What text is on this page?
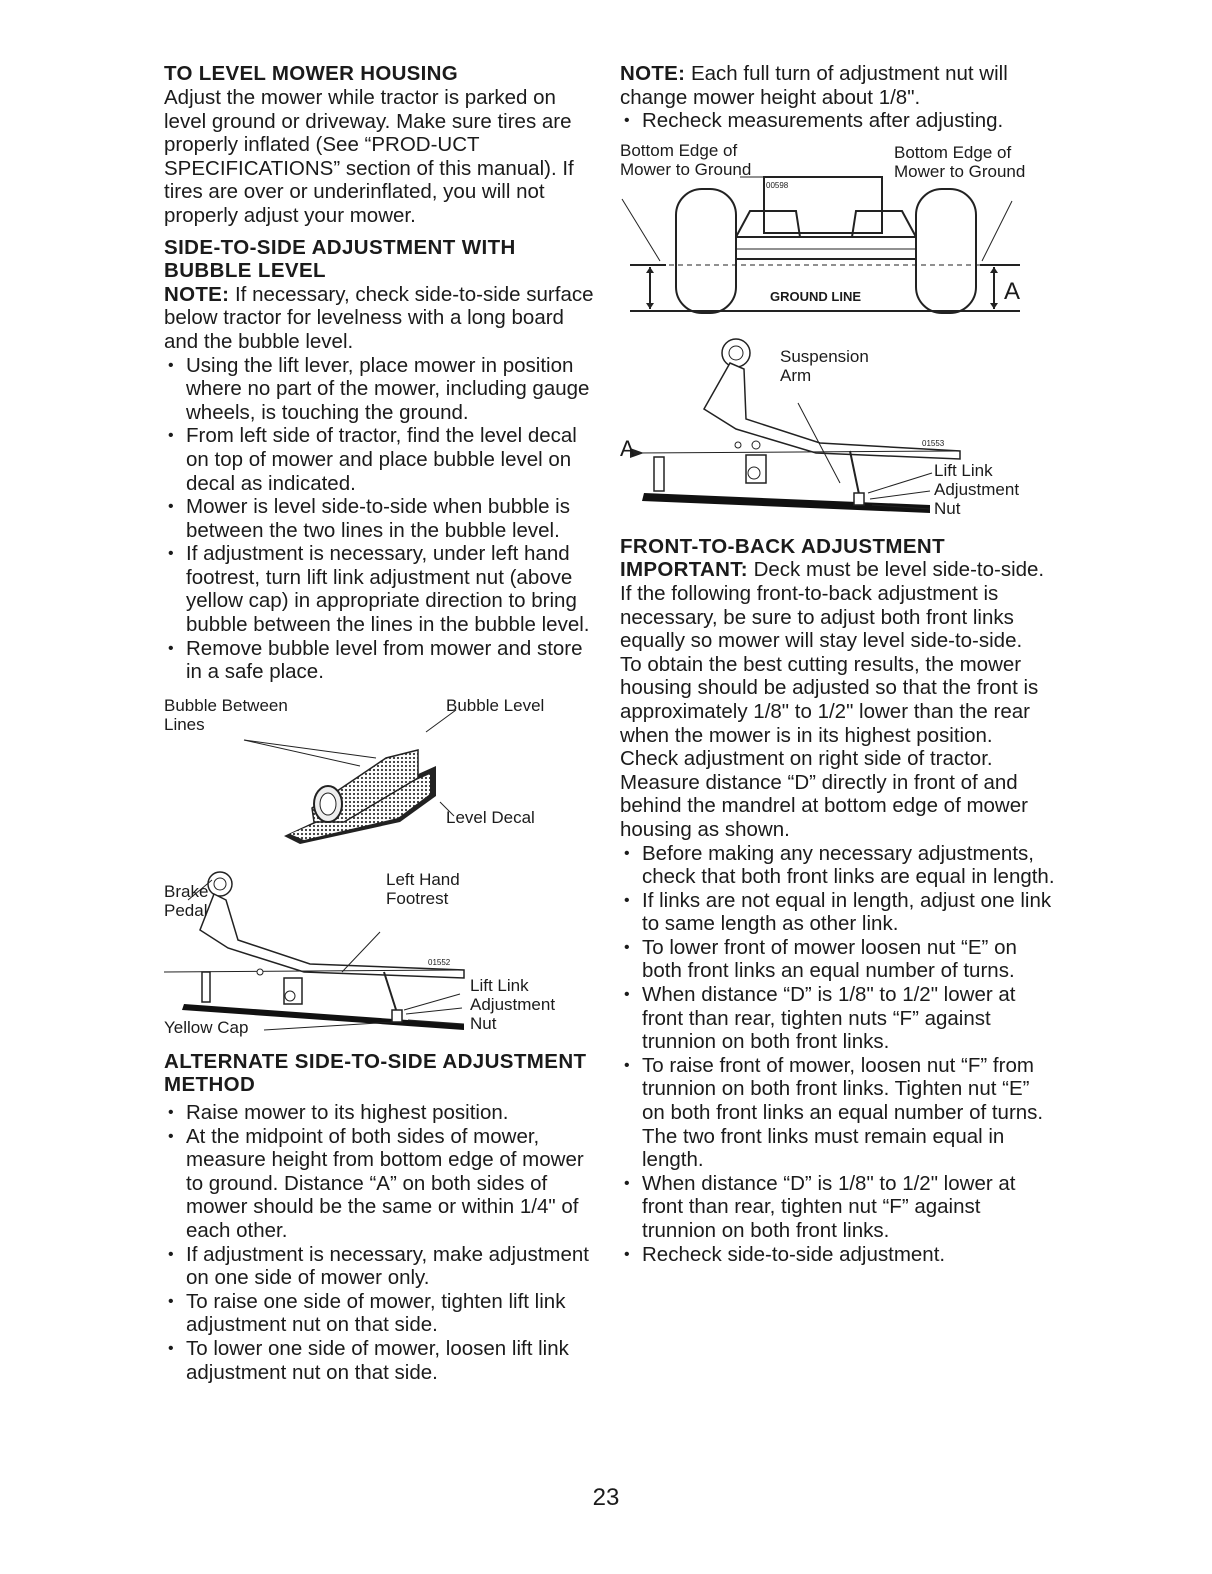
TO LEVEL MOWER HOUSING

Adjust the mower while tractor is parked on level ground or driveway. Make sure tires are properly inflated (See “PROD-UCT SPECIFICATIONS” section of this manual). If tires are over or underinflated, you will not properly adjust your mower.

SIDE-TO-SIDE ADJUSTMENT WITH BUBBLE LEVEL

NOTE: If necessary, check side-to-side surface below tractor for levelness with a long board and the bubble level.

• Using the lift lever, place mower in position where no part of the mower, including gauge wheels, is touching the ground.
• From left side of tractor, find the level decal on top of mower and place bubble level on decal as indicated.
• Mower is level side-to-side when bubble is between the two lines in the bubble level.
• If adjustment is necessary, under left hand footrest, turn lift link adjustment nut (above yellow cap) in appropriate direction to bring bubble between the lines in the bubble level.
• Remove bubble level from mower and store in a safe place.
Bubble Between
Lines
Bubble Level
Level Decal
Brake
Pedal
Left Hand
Footrest
Lift Link
Adjustment
Nut
Yellow Cap
01552
ALTERNATE SIDE-TO-SIDE ADJUSTMENT METHOD
• Raise mower to its highest position.
• At the midpoint of both sides of mower, measure height from bottom edge of mower to ground. Distance “A” on both sides of mower should be the same or within 1/4" of each other.
• If adjustment is necessary, make adjustment on one side of mower only.
• To raise one side of mower, tighten lift link adjustment nut on that side.
• To lower one side of mower, loosen lift link adjustment nut on that side.

NOTE: Each full turn of adjustment nut will change mower height about 1/8".

• Recheck measurements after adjusting.
Bottom Edge of
Mower to Ground
Bottom Edge of
Mower to Ground
GROUND LINE	A
00598
Suspension
Arm
A
Lift Link
Adjustment
Nut
01553
FRONT-TO-BACK ADJUSTMENT

IMPORTANT: Deck must be level side-to-side. If the following front-to-back adjustment is necessary, be sure to adjust both front links equally so mower will stay level side-to-side.

To obtain the best cutting results, the mower housing should be adjusted so that the front is approximately 1/8" to 1/2" lower than the rear when the mower is in its highest position.

Check adjustment on right side of tractor. Measure distance “D” directly in front of and behind the mandrel at bottom edge of mower housing as shown.

• Before making any necessary adjustments, check that both front links are equal in length.
• If links are not equal in length, adjust one link to same length as other link.
• To lower front of mower loosen nut “E” on both front links an equal number of turns.
• When distance “D” is 1/8" to 1/2" lower at front than rear, tighten nuts “F” against trunnion on both front links.
• To raise front of mower, loosen nut “F” from trunnion on both front links. Tighten nut “E” on both front links an equal number of turns. The two front links must remain equal in length.
• When distance “D” is 1/8" to 1/2" lower at front than rear, tighten nut “F” against trunnion on both front links.
• Recheck side-to-side adjustment.
23
